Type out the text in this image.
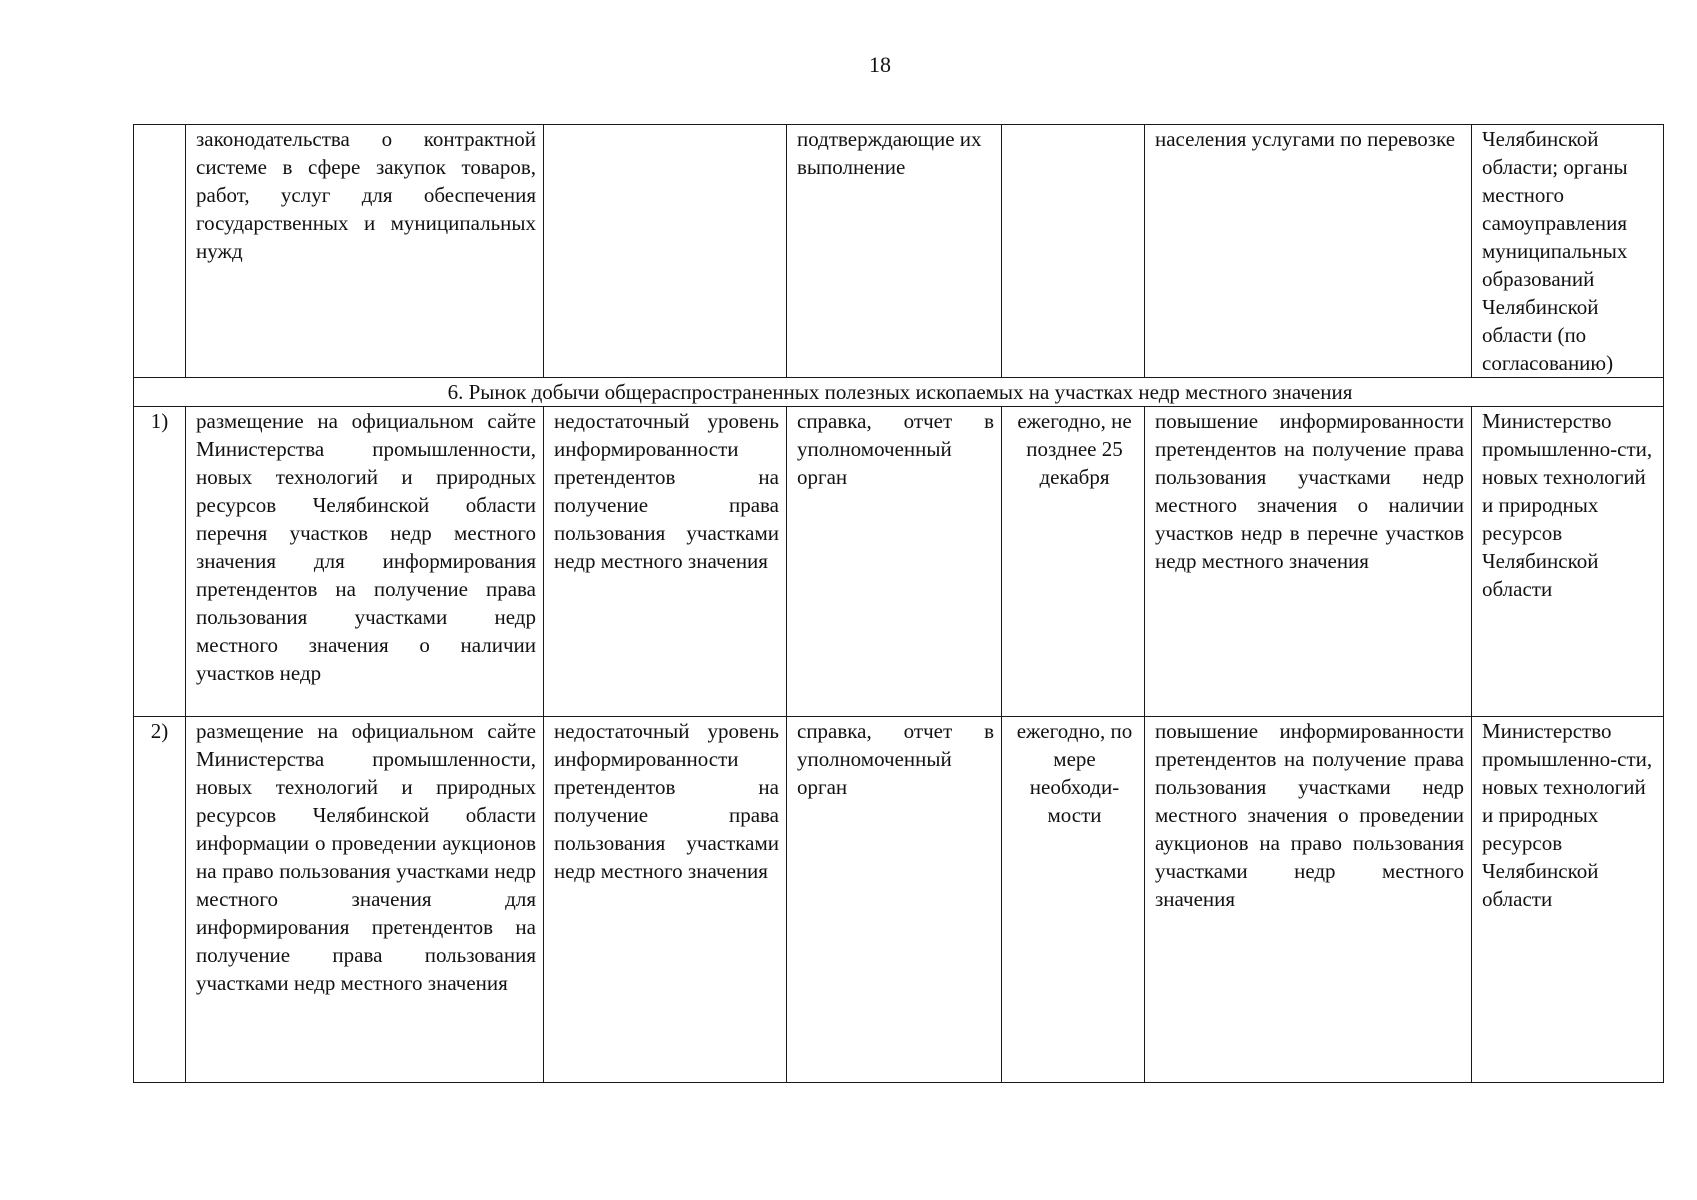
18
	законодательства о контрактной системе в сфере закупок товаров, работ, услуг для обеспечения государственных и муниципальных нужд		подтверждающие их выполнение		населения услугами по перевозке	Челябинской области; органы местного самоуправления муниципальных образований Челябинской области (по согласованию)
6. Рынок добычи общераспространенных полезных ископаемых на участках недр местного значения						
1)	размещение на официальном сайте Министерства промышленности, новых технологий и природных ресурсов Челябинской области перечня участков недр местного значения для информирования претендентов на получение права пользования участками недр местного значения о наличии участков недр	недостаточный уровень информированности претендентов на получение права пользования участками недр местного значения	справка, отчет в уполномоченный орган	ежегодно, не позднее 25 декабря	повышение информированности претендентов на получение права пользования участками недр местного значения о наличии участков недр в перечне участков недр местного значения	Министерство промышленно-сти, новых технологий и природных ресурсов Челябинской области
2)	размещение на официальном сайте Министерства промышленности, новых технологий и природных ресурсов Челябинской области информации о проведении аукционов на право пользования участками недр местного значения для информирования претендентов на получение права пользования участками недр местного значения	недостаточный уровень информированности претендентов на получение права пользования участками недр местного значения	справка, отчет в уполномоченный орган	ежегодно, по мере необходи-мости	повышение информированности претендентов на получение права пользования участками недр местного значения о проведении аукционов на право пользования участками недр местного значения	Министерство промышленно-сти, новых технологий и природных ресурсов Челябинской области
